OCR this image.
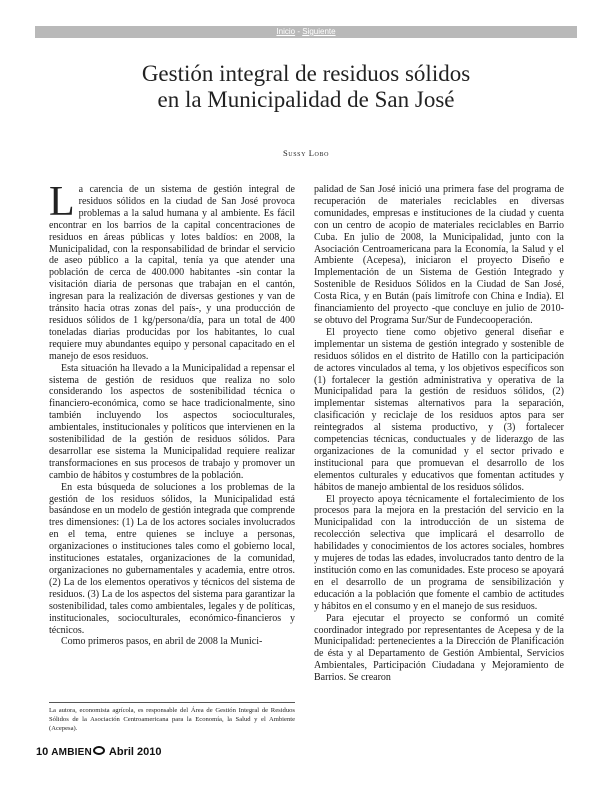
Inicio - Siguiente
Gestión integral de residuos sólidos
en la Municipalidad de San José
Sussy Lobo

La carencia de un sistema de gestión integral de residuos sólidos en la ciudad de San José provoca problemas a la salud humana y al ambiente. Es fácil encontrar en los barrios de la capital concentraciones de residuos en áreas públicas y lotes baldíos: en 2008, la Municipalidad, con la responsabilidad de brindar el servicio de aseo público a la capital, tenía ya que atender una población de cerca de 400.000 habitantes -sin contar la visitación diaria de personas que trabajan en el cantón, ingresan para la realización de diversas gestiones y van de tránsito hacia otras zonas del país-, y una producción de residuos sólidos de 1 kg/persona/día, para un total de 400 toneladas diarias producidas por los habitantes, lo cual requiere muy abundantes equipo y personal capacitado en el manejo de esos residuos.

Esta situación ha llevado a la Municipalidad a repensar el sistema de gestión de residuos que realiza no solo considerando los aspectos de sostenibilidad técnica o financiero-económica, como se hace tradicionalmente, sino también incluyendo los aspectos socioculturales, ambientales, institucionales y políticos que intervienen en la sostenibilidad de la gestión de residuos sólidos. Para desarrollar ese sistema la Municipalidad requiere realizar transformaciones en sus procesos de trabajo y promover un cambio de hábitos y costumbres de la población.

En esta búsqueda de soluciones a los problemas de la gestión de los residuos sólidos, la Municipalidad está basándose en un modelo de gestión integrada que comprende tres dimensiones: (1) La de los actores sociales involucrados en el tema, entre quienes se incluye a personas, organizaciones o instituciones tales como el gobierno local, instituciones estatales, organizaciones de la comunidad, organizaciones no gubernamentales y academia, entre otros. (2) La de los elementos operativos y técnicos del sistema de residuos. (3) La de los aspectos del sistema para garantizar la sostenibilidad, tales como ambientales, legales y de políticas, institucionales, socioculturales, económico-financieros y técnicos.

Como primeros pasos, en abril de 2008 la Munici-

palidad de San José inició una primera fase del programa de recuperación de materiales reciclables en diversas comunidades, empresas e instituciones de la ciudad y cuenta con un centro de acopio de materiales reciclables en Barrio Cuba. En julio de 2008, la Municipalidad, junto con la Asociación Centroamericana para la Economía, la Salud y el Ambiente (Acepesa), iniciaron el proyecto Diseño e Implementación de un Sistema de Gestión Integrado y Sostenible de Residuos Sólidos en la Ciudad de San José, Costa Rica, y en Bután (país limítrofe con China e India). El financiamiento del proyecto -que concluye en julio de 2010- se obtuvo del Programa Sur/Sur de Fundecooperación.

El proyecto tiene como objetivo general diseñar e implementar un sistema de gestión integrado y sostenible de residuos sólidos en el distrito de Hatillo con la participación de actores vinculados al tema, y los objetivos específicos son (1) fortalecer la gestión administrativa y operativa de la Municipalidad para la gestión de residuos sólidos, (2) implementar sistemas alternativos para la separación, clasificación y reciclaje de los residuos aptos para ser reintegrados al sistema productivo, y (3) fortalecer competencias técnicas, conductuales y de liderazgo de las organizaciones de la comunidad y el sector privado e institucional para que promuevan el desarrollo de los elementos culturales y educativos que fomentan actitudes y hábitos de manejo ambiental de los residuos sólidos.

El proyecto apoya técnicamente el fortalecimiento de los procesos para la mejora en la prestación del servicio en la Municipalidad con la introducción de un sistema de recolección selectiva que implicará el desarrollo de habilidades y conocimientos de los actores sociales, hombres y mujeres de todas las edades, involucrados tanto dentro de la institución como en las comunidades. Este proceso se apoyará en el desarrollo de un programa de sensibilización y educación a la población que fomente el cambio de actitudes y hábitos en el consumo y en el manejo de sus residuos.

Para ejecutar el proyecto se conformó un comité coordinador integrado por representantes de Acepesa y de la Municipalidad: pertenecientes a la Dirección de Planificación de ésta y al Departamento de Gestión Ambiental, Servicios Ambientales, Participación Ciudadana y Mejoramiento de Barrios. Se crearon

La autora, economista agrícola, es responsable del Área de Gestión Integral de Residuos Sólidos de la Asociación Centroamericana para la Economía, la Salud y el Ambiente (Acepesa).
10 AMBIEN	Abril 2010
